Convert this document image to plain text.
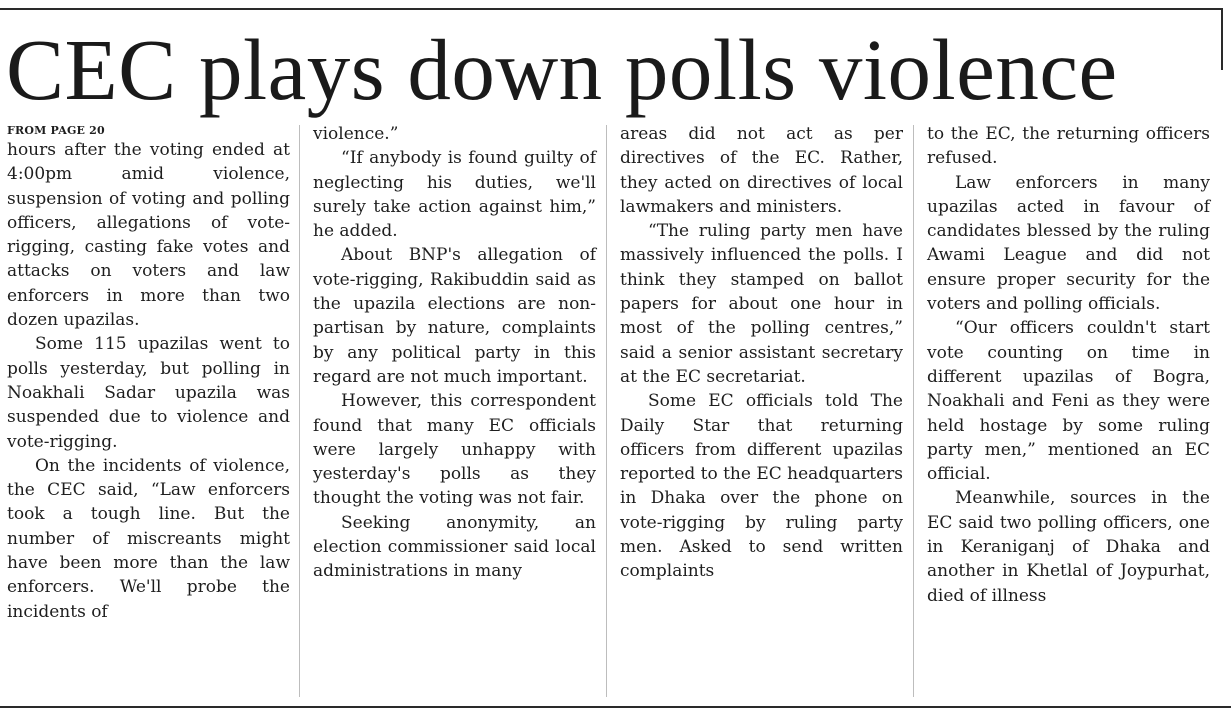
CEC plays down polls violence
FROM PAGE 20

hours after the voting ended at 4:00pm amid violence, suspension of voting and polling officers, allegations of vote-rigging, casting fake votes and attacks on voters and law enforcers in more than two dozen upazilas.

Some 115 upazilas went to polls yesterday, but polling in Noakhali Sadar upazila was suspended due to violence and vote-rigging.

On the incidents of violence, the CEC said, “Law enforcers took a tough line. But the number of miscreants might have been more than the law enforcers. We'll probe the incidents of

violence.”

“If anybody is found guilty of neglecting his duties, we'll surely take action against him,” he added.

About BNP's allegation of vote-rigging, Rakibuddin said as the upazila elections are non-partisan by nature, complaints by any political party in this regard are not much important.

However, this correspondent found that many EC officials were largely unhappy with yesterday's polls as they thought the voting was not fair.

Seeking anonymity, an election commissioner said local administrations in many

areas did not act as per directives of the EC. Rather, they acted on directives of local lawmakers and ministers.

“The ruling party men have massively influenced the polls. I think they stamped on ballot papers for about one hour in most of the polling centres,” said a senior assistant secretary at the EC secretariat.

Some EC officials told The Daily Star that returning officers from different upazilas reported to the EC headquarters in Dhaka over the phone on vote-rigging by ruling party men. Asked to send written complaints

to the EC, the returning officers refused.

Law enforcers in many upazilas acted in favour of candidates blessed by the ruling Awami League and did not ensure proper security for the voters and polling officials.

“Our officers couldn't start vote counting on time in different upazilas of Bogra, Noakhali and Feni as they were held hostage by some ruling party men,” mentioned an EC official.

Meanwhile, sources in the EC said two polling officers, one in Keraniganj of Dhaka and another in Khetlal of Joypurhat, died of illness
